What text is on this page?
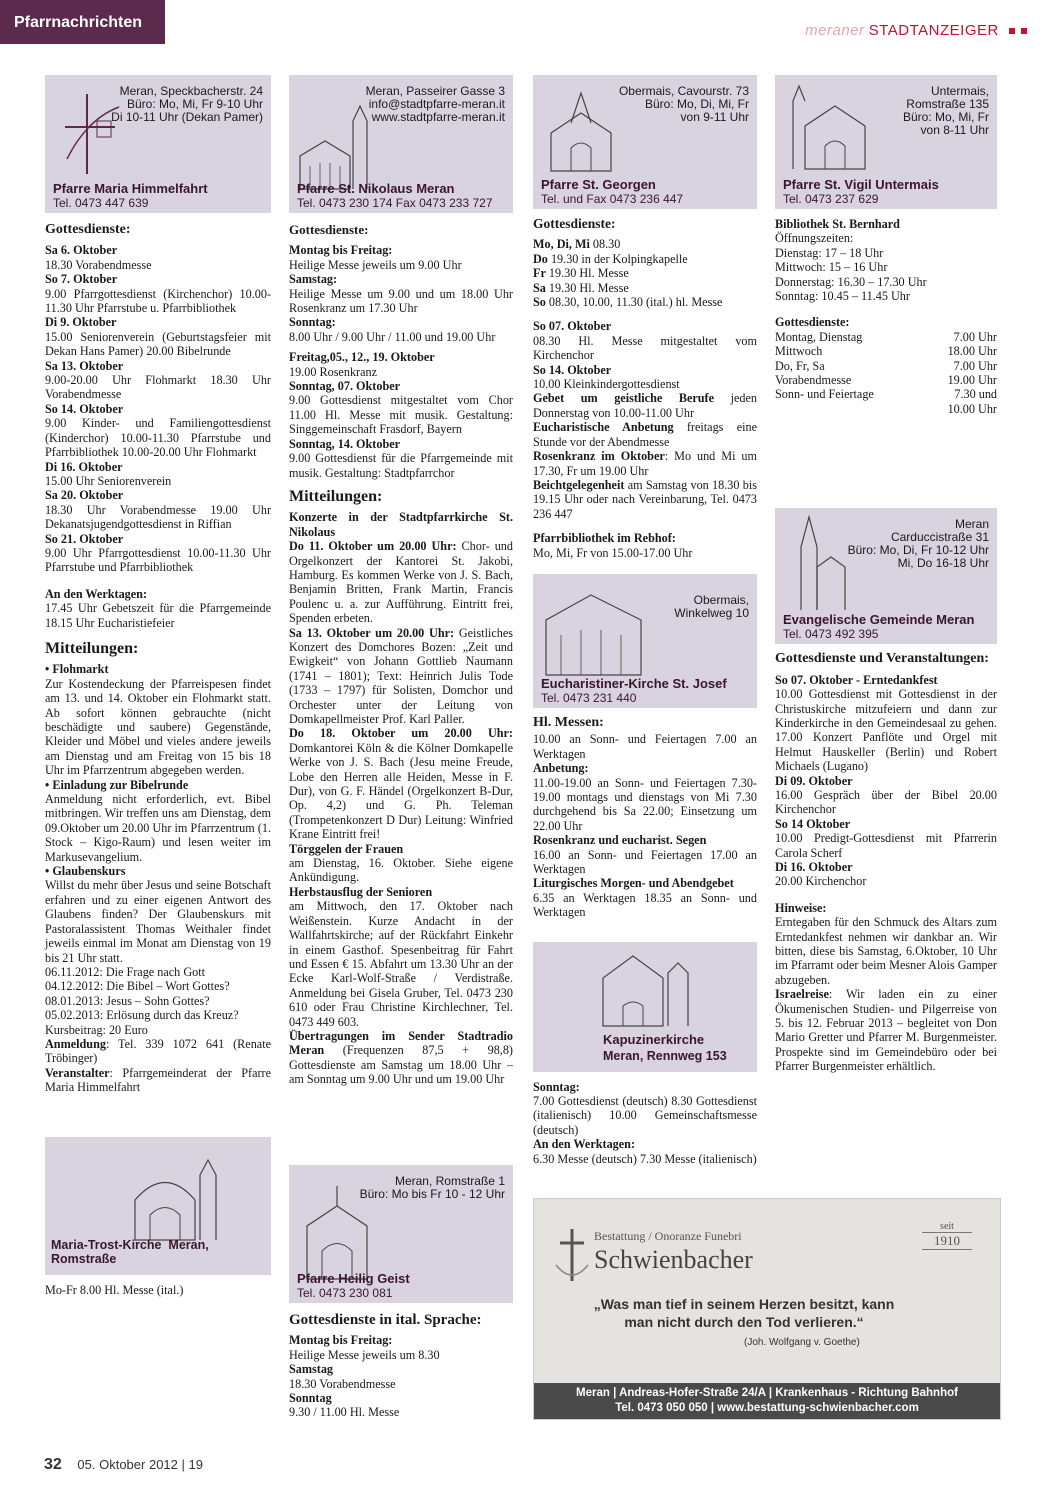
Pfarrnachrichten	meraner STADTANZEIGER
Meran, Speckbacherstr. 24
Büro: Mo, Mi, Fr 9-10 Uhr
Di 10-11 Uhr (Dekan Pamer)
Pfarre Maria Himmelfahrt
Tel. 0473 447 639
Gottesdienste:

Sa 6. Oktober
18.30 Vorabendmesse

So 7. Oktober
9.00 Pfarrgottesdienst (Kirchenchor) 10.00-11.30 Uhr Pfarrstube u. Pfarrbibliothek

Di 9. Oktober
15.00 Seniorenverein (Geburtstagsfeier mit Dekan Hans Pamer) 20.00 Bibelrunde

Sa 13. Oktober
9.00-20.00 Uhr Flohmarkt 18.30 Uhr Vorabendmesse

So 14. Oktober
9.00 Kinder- und Familiengottesdienst (Kinderchor) 10.00-11.30 Pfarrstube und Pfarrbibliothek 10.00-20.00 Uhr Flohmarkt

Di 16. Oktober
15.00 Uhr Seniorenverein

Sa 20. Oktober
18.30 Uhr Vorabendmesse 19.00 Uhr Dekanatsjugendgottesdienst in Riffian

So 21. Oktober
9.00 Uhr Pfarrgottesdienst 10.00-11.30 Uhr Pfarrstube und Pfarrbibliothek

An den Werktagen:
17.45 Uhr Gebetszeit für die Pfarrgemeinde 18.15 Uhr Eucharistiefeier

Mitteilungen:

• Flohmarkt
Zur Kostendeckung der Pfarreispesen findet am 13. und 14. Oktober ein Flohmarkt statt. Ab sofort können gebrauchte (nicht beschädigte und saubere) Gegenstände, Kleider und Möbel und vieles andere jeweils am Dienstag und am Freitag von 15 bis 18 Uhr im Pfarrzentrum abgegeben werden.

• Einladung zur Bibelrunde
Anmeldung nicht erforderlich, evt. Bibel mitbringen. Wir treffen uns am Dienstag, dem 09.Oktober um 20.00 Uhr im Pfarrzentrum (1. Stock – Kigo-Raum) und lesen weiter im Markusevangelium.

• Glaubenskurs
Willst du mehr über Jesus und seine Botschaft erfahren und zu einer eigenen Antwort des Glaubens finden? Der Glaubenskurs mit Pastoralassistent Thomas Weithaler findet jeweils einmal im Monat am Dienstag von 19 bis 21 Uhr statt.

06.11.2012: Die Frage nach Gott
04.12.2012: Die Bibel – Wort Gottes?
08.01.2013: Jesus – Sohn Gottes?
05.02.2013: Erlösung durch das Kreuz?
Kursbeitrag: 20 Euro

Anmeldung: Tel. 339 1072 641 (Renate Tröbinger)

Veranstalter: Pfarrgemeinderat der Pfarre Maria Himmelfahrt

Maria-Trost-Kirche Meran, Romstraße

Mo-Fr 8.00 Hl. Messe (ital.)

Meran, Passeirer Gasse 3
info@stadtpfarre-meran.it
www.stadtpfarre-meran.it
Pfarre St. Nikolaus Meran
Tel. 0473 230 174 Fax 0473 233 727
Gottesdienste:

Montag bis Freitag:
Heilige Messe jeweils um 9.00 Uhr

Samstag:
Heilige Messe um 9.00 und um 18.00 Uhr Rosenkranz um 17.30 Uhr

Sonntag:
8.00 Uhr / 9.00 Uhr / 11.00 und 19.00 Uhr

Freitag,05., 12., 19. Oktober
19.00 Rosenkranz

Sonntag, 07. Oktober
9.00 Gottesdienst mitgestaltet vom Chor 11.00 Hl. Messe mit musik. Gestaltung: Singgemeinschaft Frasdorf, Bayern

Sonntag, 14. Oktober
9.00 Gottesdienst für die Pfarrgemeinde mit musik. Gestaltung: Stadtpfarrchor

Mitteilungen:

Konzerte in der Stadtpfarrkirche St. Nikolaus

Do 11. Oktober um 20.00 Uhr: Chor- und Orgelkonzert der Kantorei St. Jakobi, Hamburg. Es kommen Werke von J. S. Bach, Benjamin Britten, Frank Martin, Francis Poulenc u. a. zur Aufführung. Eintritt frei, Spenden erbeten.

Sa 13. Oktober um 20.00 Uhr: Geistliches Konzert des Domchores Bozen: „Zeit und Ewigkeit“ von Johann Gottlieb Naumann (1741 – 1801); Text: Heinrich Julis Tode (1733 – 1797) für Solisten, Domchor und Orchester unter der Leitung von Domkapellmeister Prof. Karl Paller.

Do 18. Oktober um 20.00 Uhr: Domkantorei Köln & die Kölner Domkapelle Werke von J. S. Bach (Jesu meine Freude, Lobe den Herren alle Heiden, Messe in F. Dur), von G. F. Händel (Orgelkonzert B-Dur, Op. 4,2) und G. Ph. Teleman (Trompetenkonzert D Dur) Leitung: Winfried Krane Eintritt frei!

Törggelen der Frauen
am Dienstag, 16. Oktober. Siehe eigene Ankündigung.

Herbstausflug der Senioren
am Mittwoch, den 17. Oktober nach Weißenstein. Kurze Andacht in der Wallfahrtskirche; auf der Rückfahrt Einkehr in einem Gasthof. Spesenbeitrag für Fahrt und Essen € 15. Abfahrt um 13.30 Uhr an der Ecke Karl-Wolf-Straße / Verdistraße. Anmeldung bei Gisela Gruber, Tel. 0473 230 610 oder Frau Christine Kirchlechner, Tel. 0473 449 603.

Übertragungen im Sender Stadtradio Meran (Frequenzen 87,5 + 98,8) Gottesdienste am Samstag um 18.00 Uhr – am Sonntag um 9.00 Uhr und um 19.00 Uhr

Meran, Romstraße 1
Büro: Mo bis Fr 10 - 12 Uhr
Pfarre Heilig Geist
Tel. 0473 230 081
Gottesdienste in ital. Sprache:

Montag bis Freitag:
Heilige Messe jeweils um 8.30

Samstag
18.30 Vorabendmesse

Sonntag
9.30 / 11.00 Hl. Messe

Obermais, Cavourstr. 73
Büro: Mo, Di, Mi, Fr
von 9-11 Uhr
Pfarre St. Georgen
Tel. und Fax 0473 236 447
Gottesdienste:

Mo, Di, Mi 08.30

Do 19.30 in der Kolpingkapelle

Fr 19.30 Hl. Messe

Sa 19.30 Hl. Messe

So 08.30, 10.00, 11.30 (ital.) hl. Messe

So 07. Oktober
08.30 Hl. Messe mitgestaltet vom Kirchenchor

So 14. Oktober
10.00 Kleinkindergottesdienst

Gebet um geistliche Berufe jeden Donnerstag von 10.00-11.00 Uhr

Eucharistische Anbetung freitags eine Stunde vor der Abendmesse

Rosenkranz im Oktober: Mo und Mi um 17.30, Fr um 19.00 Uhr

Beichtgelegenheit am Samstag von 18.30 bis 19.15 Uhr oder nach Vereinbarung, Tel. 0473 236 447

Pfarrbibliothek im Rebhof:
Mo, Mi, Fr von 15.00-17.00 Uhr

Obermais,
Winkelweg 10
Eucharistiner-Kirche St. Josef
Tel. 0473 231 440
Hl. Messen:

10.00 an Sonn- und Feiertagen 7.00 an Werktagen

Anbetung:
11.00-19.00 an Sonn- und Feiertagen 7.30-19.00 montags und dienstags von Mi 7.30 durchgehend bis Sa 22.00; Einsetzung um 22.00 Uhr

Rosenkranz und eucharist. Segen
16.00 an Sonn- und Feiertagen 17.00 an Werktagen

Liturgisches Morgen- und Abendgebet
6.35 an Werktagen 18.35 an Sonn- und Werktagen

Kapuzinerkirche
Meran, Rennweg 153

Sonntag:
7.00 Gottesdienst (deutsch) 8.30 Gottesdienst (italienisch) 10.00 Gemeinschaftsmesse (deutsch)

An den Werktagen:
6.30 Messe (deutsch) 7.30 Messe (italienisch)

Untermais,
Romstraße 135
Büro: Mo, Mi, Fr
von 8-11 Uhr
Pfarre St. Vigil Untermais
Tel. 0473 237 629

Bibliothek St. Bernhard
Öffnungszeiten:
Dienstag: 17 – 18 Uhr
Mittwoch: 15 – 16 Uhr
Donnerstag: 16.30 – 17.30 Uhr
Sonntag: 10.45 – 11.45 Uhr

Gottesdienste:

Montag, Dienstag	7.00 Uhr
Mittwoch	18.00 Uhr
Do, Fr, Sa	7.00 Uhr
Vorabendmesse	19.00 Uhr
Sonn- und Feiertage	7.30 und
10.00 Uhr
Meran
Carduccistraße 31
Büro: Mo, Di, Fr 10-12 Uhr
Mi, Do 16-18 Uhr
Evangelische Gemeinde Meran
Tel. 0473 492 395
Gottesdienste und Veranstaltungen:

So 07. Oktober - Erntedankfest
10.00 Gottesdienst mit Gottesdienst in der Christuskirche mitzufeiern und dann zur Kinderkirche in den Gemeindesaal zu gehen. 17.00 Konzert Panflöte und Orgel mit Helmut Hauskeller (Berlin) und Robert Michaels (Lugano)

Di 09. Oktober
16.00 Gespräch über der Bibel 20.00 Kirchenchor

So 14 Oktober
10.00 Predigt-Gottesdienst mit Pfarrerin Carola Scherf

Di 16. Oktober
20.00 Kirchenchor

Hinweise:
Erntegaben für den Schmuck des Altars zum Erntedankfest nehmen wir dankbar an. Wir bitten, diese bis Samstag, 6.Oktober, 10 Uhr im Pfarramt oder beim Mesner Alois Gamper abzugeben.

Israelreise: Wir laden ein zu einer Ökumenischen Studien- und Pilgerreise von 5. bis 12. Februar 2013 – begleitet von Don Mario Gretter und Pfarrer M. Burgenmeister. Prospekte sind im Gemeindebüro oder bei Pfarrer Burgenmeister erhältlich.

Bestattung / Onoranze Funebri
Schwienbacher
seit
1910
„Was man tief in seinem Herzen besitzt, kann man nicht durch den Tod verlieren.“
(Joh. Wolfgang v. Goethe)
Meran | Andreas-Hofer-Straße 24/A | Krankenhaus - Richtung Bahnhof
Tel. 0473 050 050 | www.bestattung-schwienbacher.com
32 05. Oktober 2012 | 19
